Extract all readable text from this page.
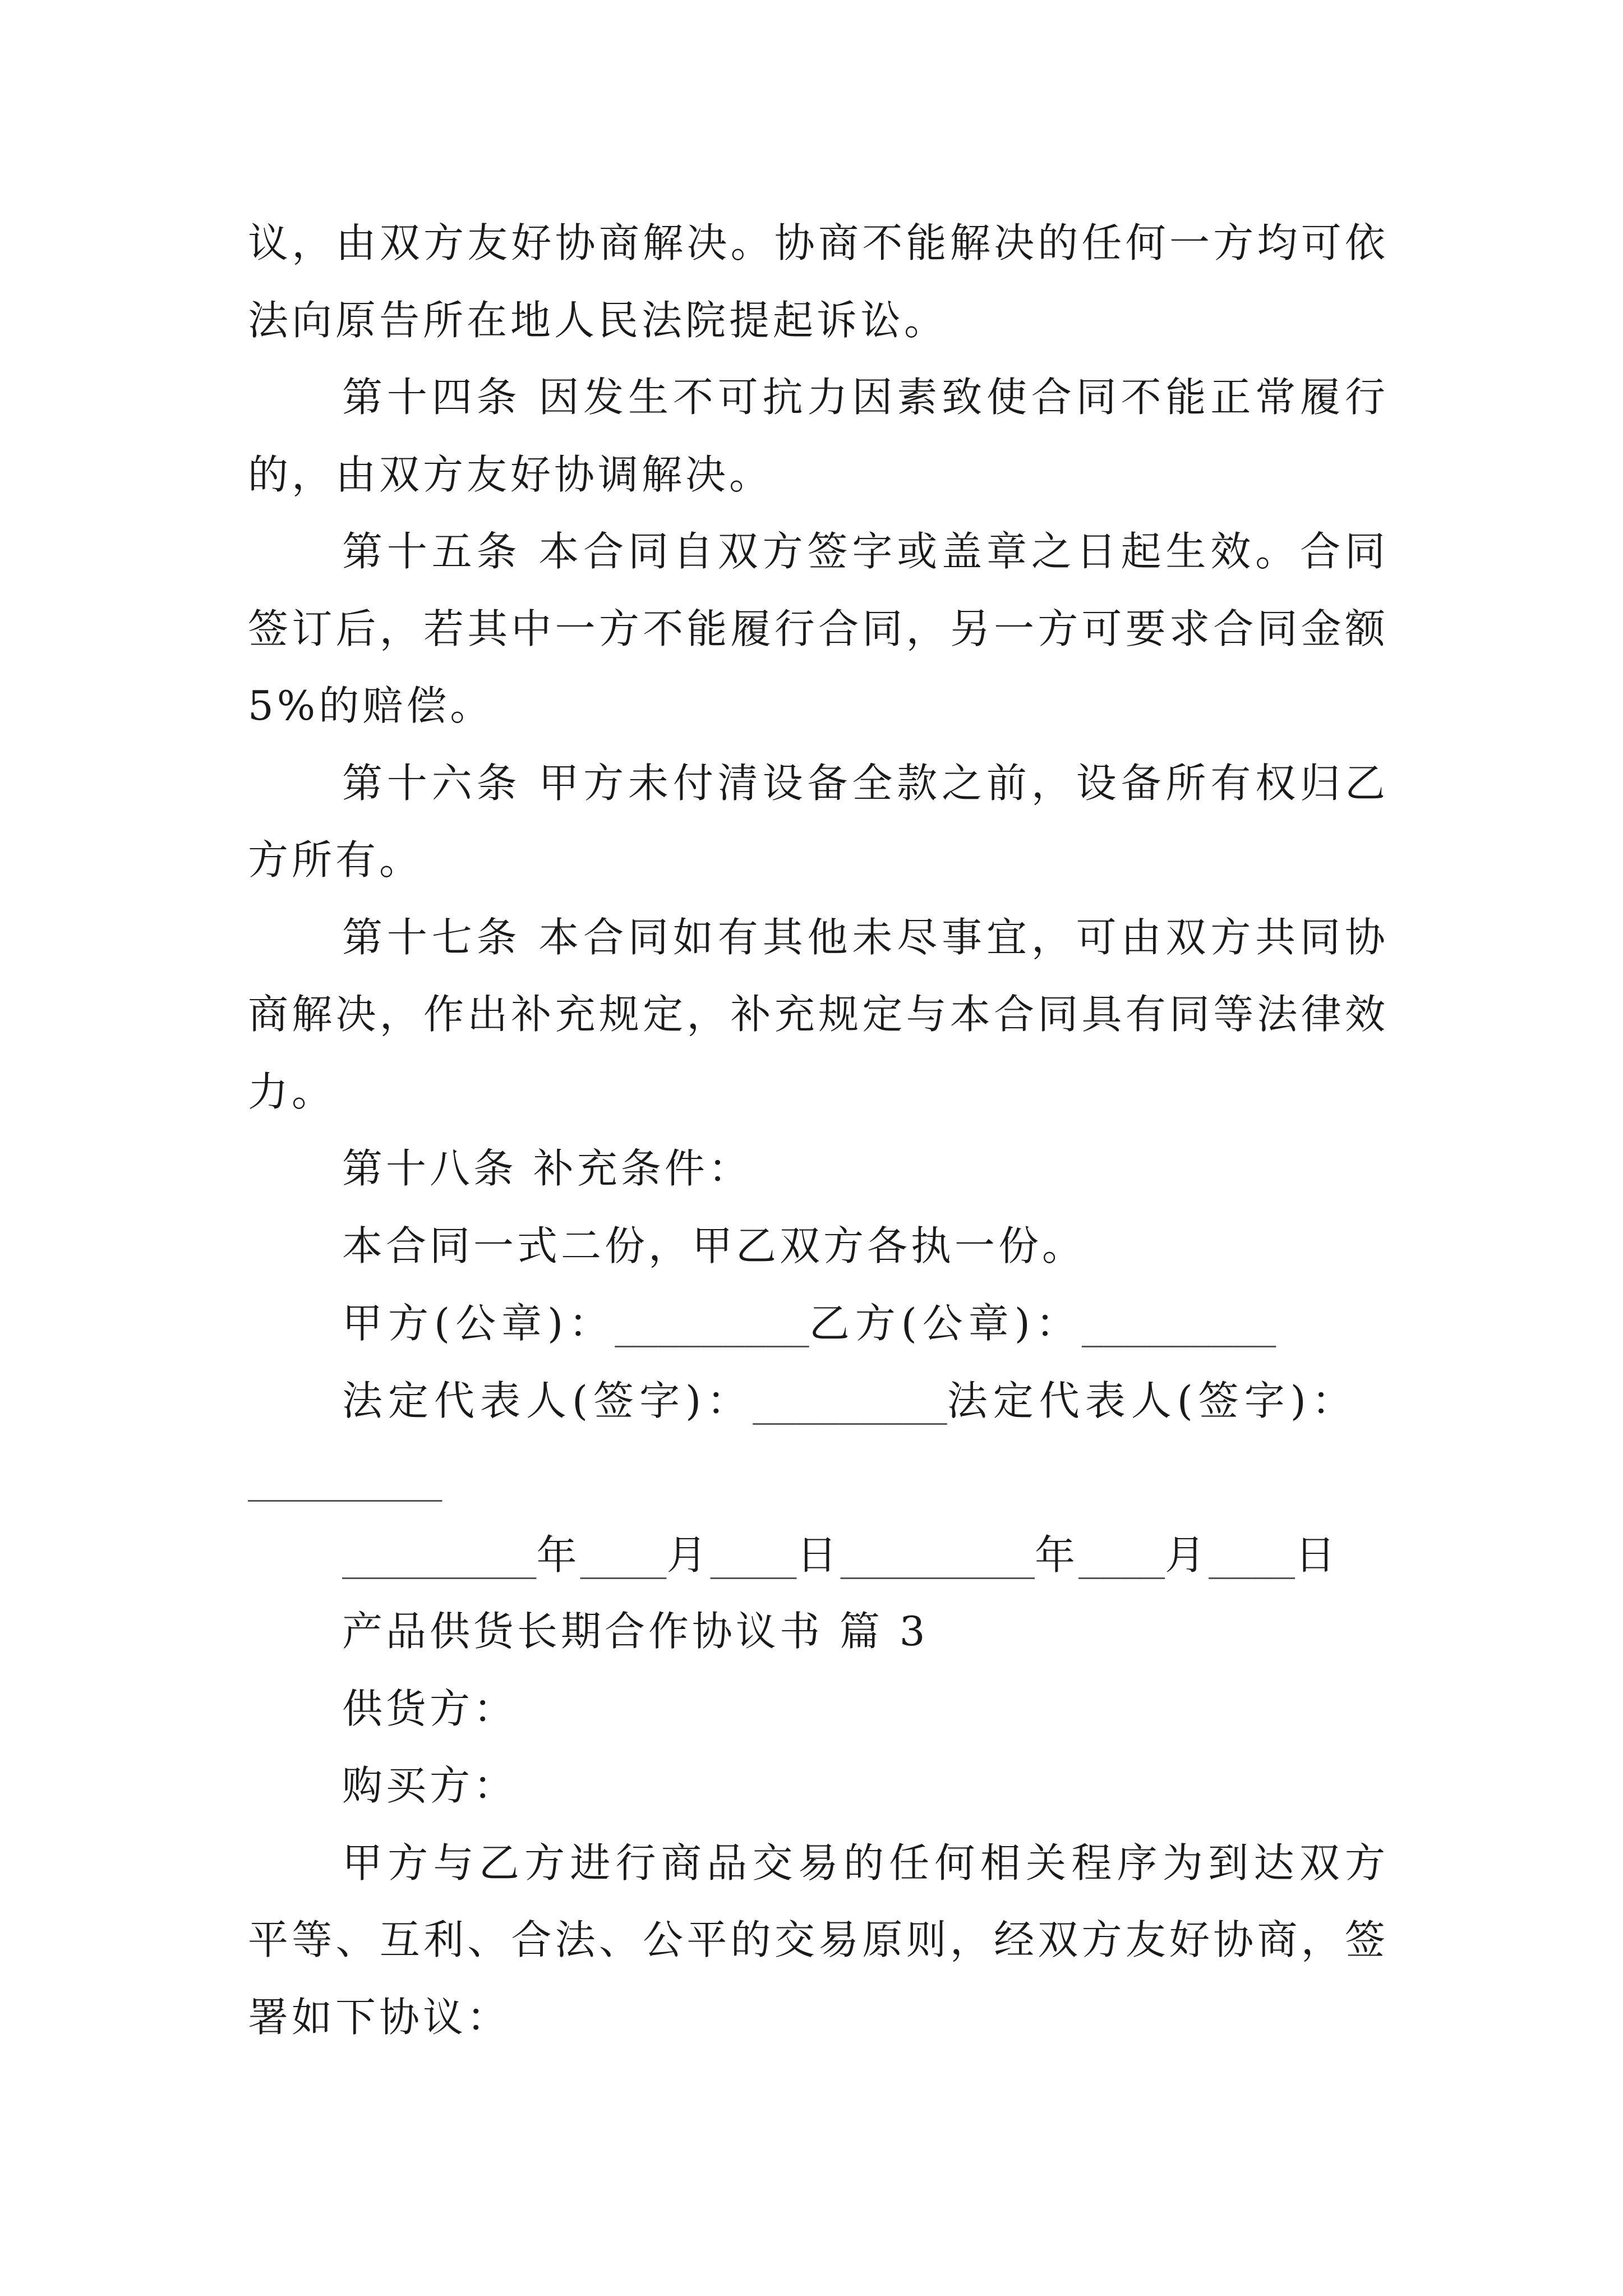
议，由双方友好协商解决。协商不能解决的任何一方均可依
法向原告所在地人民法院提起诉讼。
第十四条 因发生不可抗力因素致使合同不能正常履行
的，由双方友好协调解决。
第十五条 本合同自双方签字或盖章之日起生效。合同
签订后，若其中一方不能履行合同，另一方可要求合同金额
5%的赔偿。
第十六条 甲方未付清设备全款之前，设备所有权归乙
方所有。
第十七条 本合同如有其他未尽事宜，可由双方共同协
商解决，作出补充规定，补充规定与本合同具有同等法律效
力。
第十八条 补充条件：
本合同一式二份，甲乙双方各执一份。
甲方(公章)： _________ 乙方(公章)： _________
法定代表人(签字)： _________ 法定代表人(签字)：
_________
_________ 年 ____ 月 ____ 日 _________ 年 ____ 月 ____ 日
产品供货长期合作协议书 篇 3
供货方：
购买方：
甲方与乙方进行商品交易的任何相关程序为到达双方
平等、互利、合法、公平的交易原则，经双方友好协商，签
署如下协议：
